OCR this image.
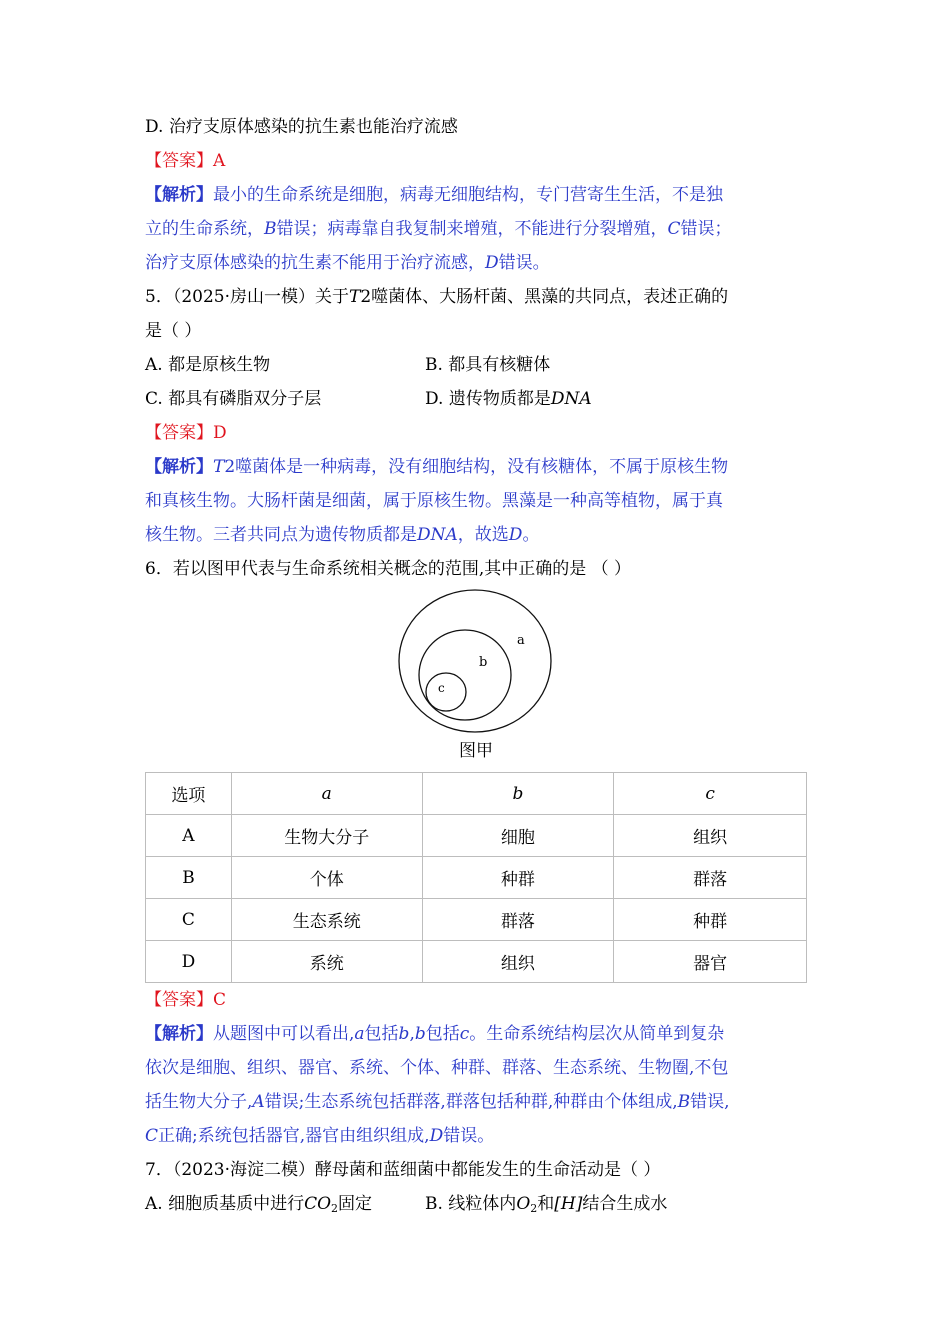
D. 治疗支原体感染的抗生素也能治疗流感
【答案】A
【解析】最小的生命系统是细胞，病毒无细胞结构，专门营寄生生活，不是独
立的生命系统，B错误；病毒靠自我复制来增殖，不能进行分裂增殖，C错误；
治疗支原体感染的抗生素不能用于治疗流感，D错误。
5．（2025·房山一模）关于T2噬菌体、大肠杆菌、黑藻的共同点，表述正确的
是（ ）
A. 都是原核生物	B. 都具有核糖体
C. 都具有磷脂双分子层	D. 遗传物质都是DNA
【答案】D
【解析】T2噬菌体是一种病毒，没有细胞结构，没有核糖体，不属于原核生物
和真核生物。大肠杆菌是细菌，属于原核生物。黑藻是一种高等植物，属于真
核生物。三者共同点为遗传物质都是DNA，故选D。
6．若以图甲代表与生命系统相关概念的范围,其中正确的是 （ ）
a
b
c
图甲
选项	a	b	c
A	生物大分子	细胞	组织
B	个体	种群	群落
C	生态系统	群落	种群
D	系统	组织	器官
【答案】C
【解析】从题图中可以看出,a包括b,b包括c。生命系统结构层次从简单到复杂
依次是细胞、组织、器官、系统、个体、种群、群落、生态系统、生物圈,不包
括生物大分子,A错误;生态系统包括群落,群落包括种群,种群由个体组成,B错误,
C正确;系统包括器官,器官由组织组成,D错误。
7．（2023·海淀二模）酵母菌和蓝细菌中都能发生的生命活动是（ ）
A. 细胞质基质中进行$CO_2$固定	B. 线粒体内$O_2$和[H]结合生成水
